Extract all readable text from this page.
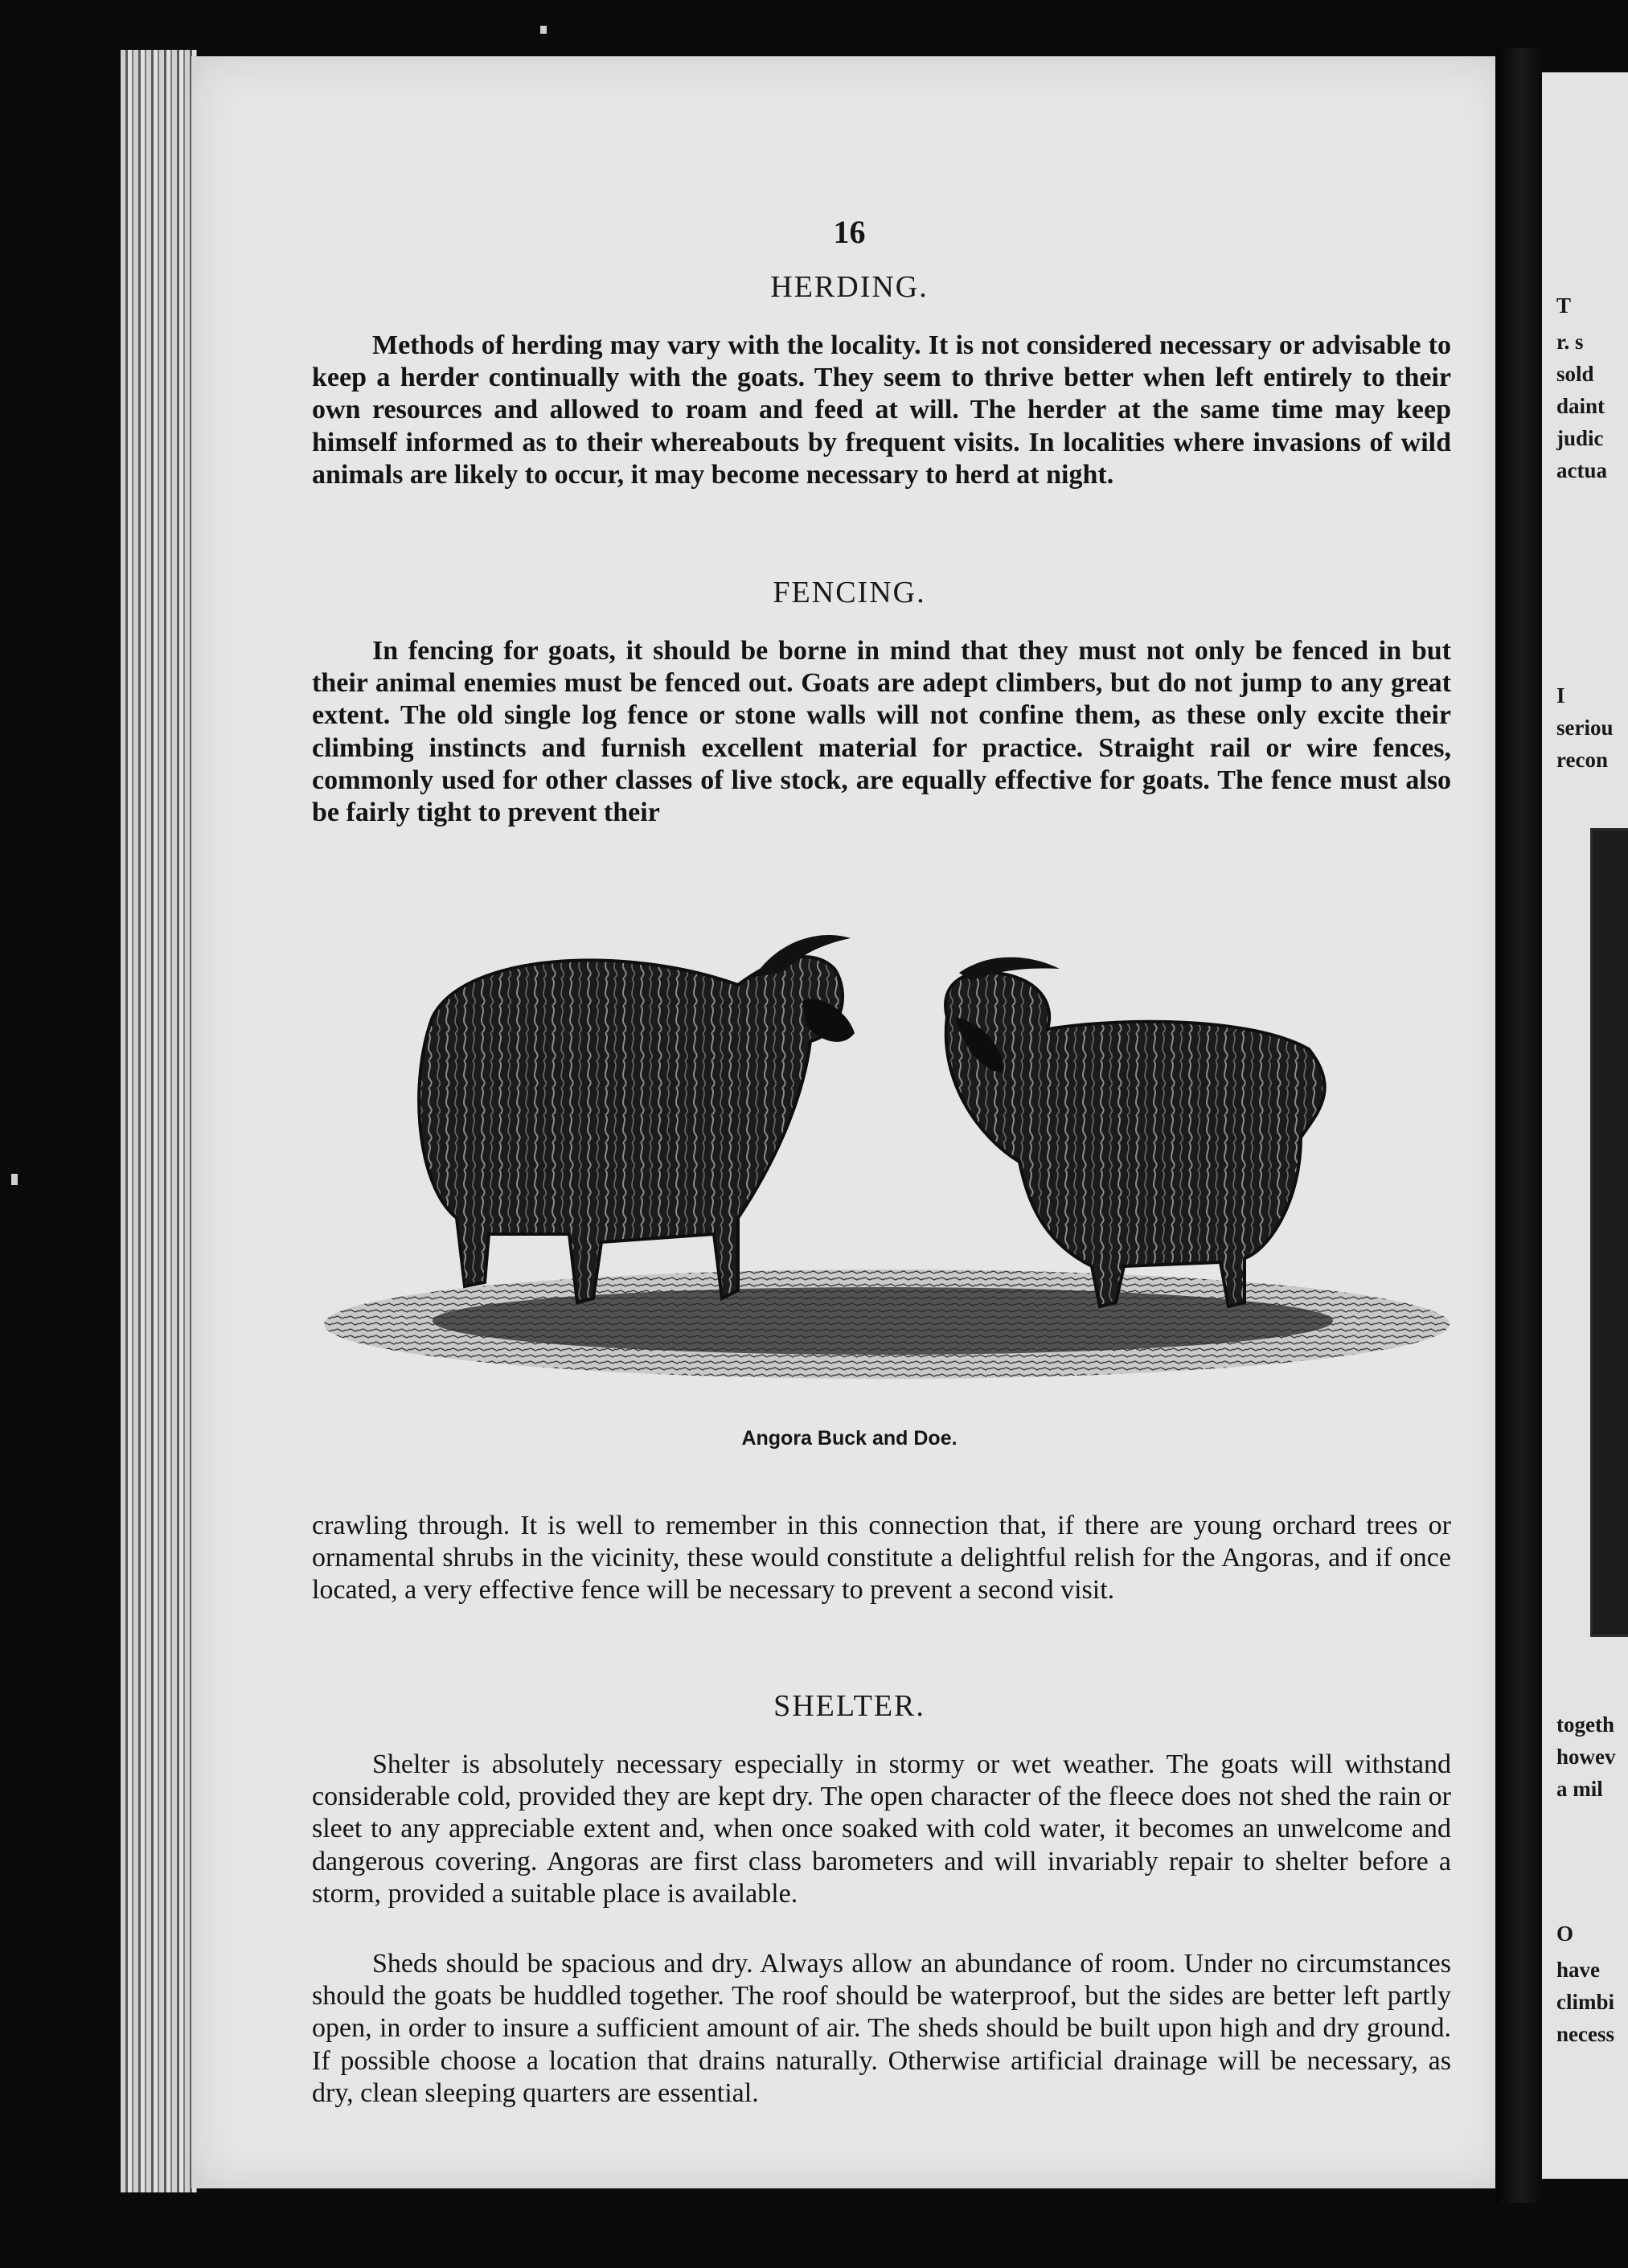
16
HERDING.

Methods of herding may vary with the locality. It is not considered necessary or advisable to keep a herder continually with the goats. They seem to thrive better when left entirely to their own resources and allowed to roam and feed at will. The herder at the same time may keep himself informed as to their whereabouts by frequent visits. In localities where invasions of wild animals are likely to occur, it may become necessary to herd at night.

FENCING.

In fencing for goats, it should be borne in mind that they must not only be fenced in but their animal enemies must be fenced out. Goats are adept climbers, but do not jump to any great extent. The old single log fence or stone walls will not confine them, as these only excite their climbing instincts and furnish excellent material for practice. Straight rail or wire fences, commonly used for other classes of live stock, are equally effective for goats. The fence must also be fairly tight to prevent their

Angora Buck and Doe.

crawling through. It is well to remember in this connection that, if there are young orchard trees or ornamental shrubs in the vicinity, these would constitute a delightful relish for the Angoras, and if once located, a very effective fence will be necessary to prevent a second visit.

SHELTER.

Shelter is absolutely necessary especially in stormy or wet weather. The goats will withstand considerable cold, provided they are kept dry. The open character of the fleece does not shed the rain or sleet to any appreciable extent and, when once soaked with cold water, it becomes an unwelcome and dangerous covering. Angoras are first class barometers and will invariably repair to shelter before a storm, provided a suitable place is available.

Sheds should be spacious and dry. Always allow an abundance of room. Under no circumstances should the goats be huddled together. The roof should be waterproof, but the sides are better left partly open, in order to insure a sufficient amount of air. The sheds should be built upon high and dry ground. If possible choose a location that drains naturally. Otherwise artificial drainage will be necessary, as dry, clean sleeping quarters are essential.

T
r. s
sold
daint
judic
actua
I
seriou
recon
togeth
howev
a mil
O
have
climbi
necess
